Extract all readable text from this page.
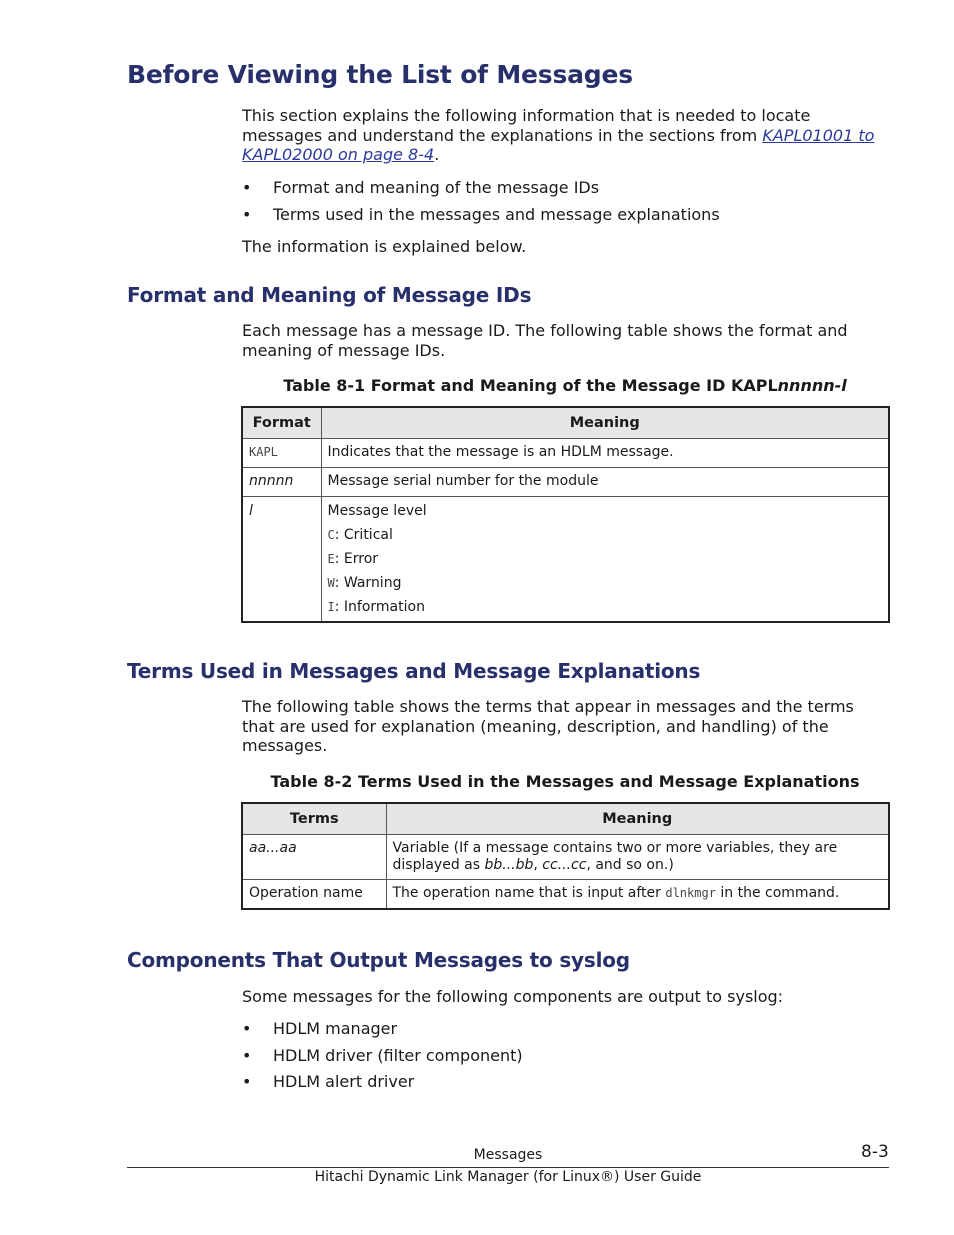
Before Viewing the List of Messages

This section explains the following information that is needed to locate messages and understand the explanations in the sections from KAPL01001 to KAPL02000 on page 8-4.

• Format and meaning of the message IDs
• Terms used in the messages and message explanations

The information is explained below.

Format and Meaning of Message IDs

Each message has a message ID. The following table shows the format and meaning of message IDs.

Table 8-1 Format and Meaning of the Message ID KAPLnnnnn-l

Format	Meaning
KAPL	Indicates that the message is an HDLM message.
nnnnn	Message serial number for the module
l	Message level
C: Critical
E: Error
W: Warning
I: Information
Terms Used in Messages and Message Explanations

The following table shows the terms that appear in messages and the terms that are used for explanation (meaning, description, and handling) of the messages.

Table 8-2 Terms Used in the Messages and Message Explanations

Terms	Meaning
aa...aa	Variable (If a message contains two or more variables, they are displayed as bb...bb, cc...cc, and so on.)
Operation name	The operation name that is input after dlnkmgr in the command.
Components That Output Messages to syslog

Some messages for the following components are output to syslog:

• HDLM manager
• HDLM driver (filter component)
• HDLM alert driver
Messages	8-3
Hitachi Dynamic Link Manager (for Linux®) User Guide
